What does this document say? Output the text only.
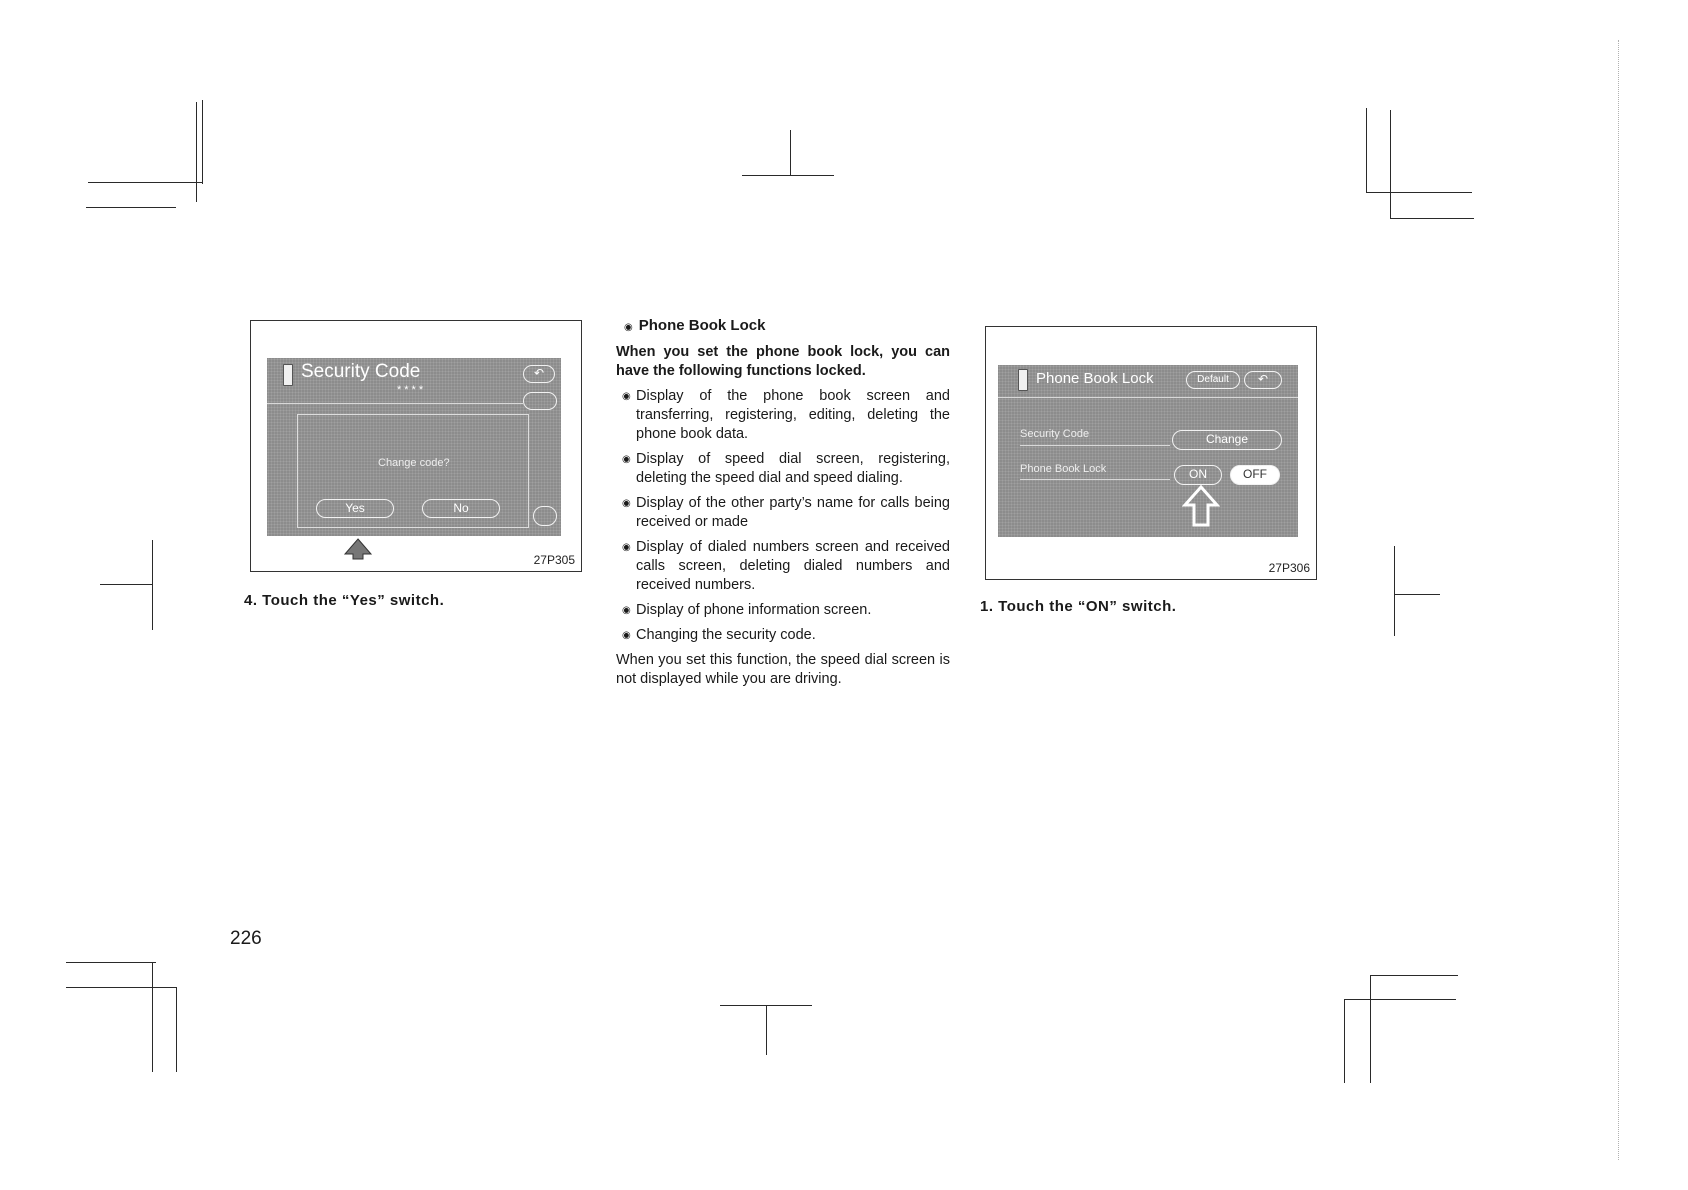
Security Code
****
↶
Change code?
Yes	No
27P305
4. Touch the “Yes” switch.
◉ Phone Book Lock
When you set the phone book lock, you can have the following functions locked.
◉ Display of the phone book screen and transferring, registering, editing, deleting the phone book data.
◉ Display of speed dial screen, registering, deleting the speed dial and speed dialing.
◉ Display of the other party’s name for calls being received or made
◉ Display of dialed numbers screen and received calls screen, deleting dialed numbers and received numbers.
◉ Display of phone information screen.
◉ Changing the security code.
When you set this function, the speed dial screen is not displayed while you are driving.
Phone Book Lock	Default	↶
Security Code	Change
Phone Book Lock	ON	OFF
27P306
1. Touch the “ON” switch.
226
